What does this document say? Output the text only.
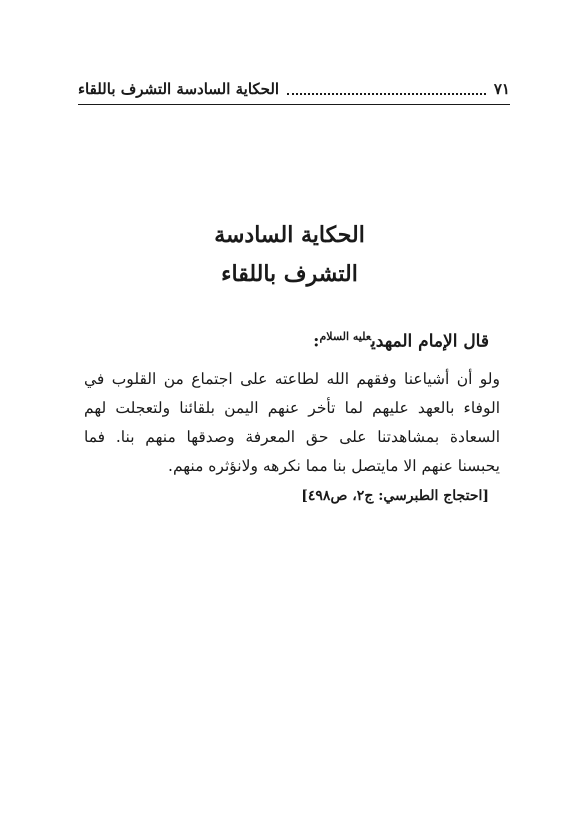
الحكاية السادسة التشرف باللقاء	٧١
الحكاية السادسة
التشرف باللقاء
قال الإمام المهدي$^{عليه السلام}$:
ولو أن أشياعنا وفقهم الله لطاعته على اجتماع من القلوب في الوفاء بالعهد عليهم لما تأخر عنهم اليمن بلقائنا ولتعجلت لهم السعادة بمشاهدتنا على حق المعرفة وصدقها منهم بنا. فما يحبسنا عنهم الا مايتصل بنا مما نكرهه ولانؤثره منهم.
[احتجاج الطبرسي: ج٢، ص٤٩٨]
